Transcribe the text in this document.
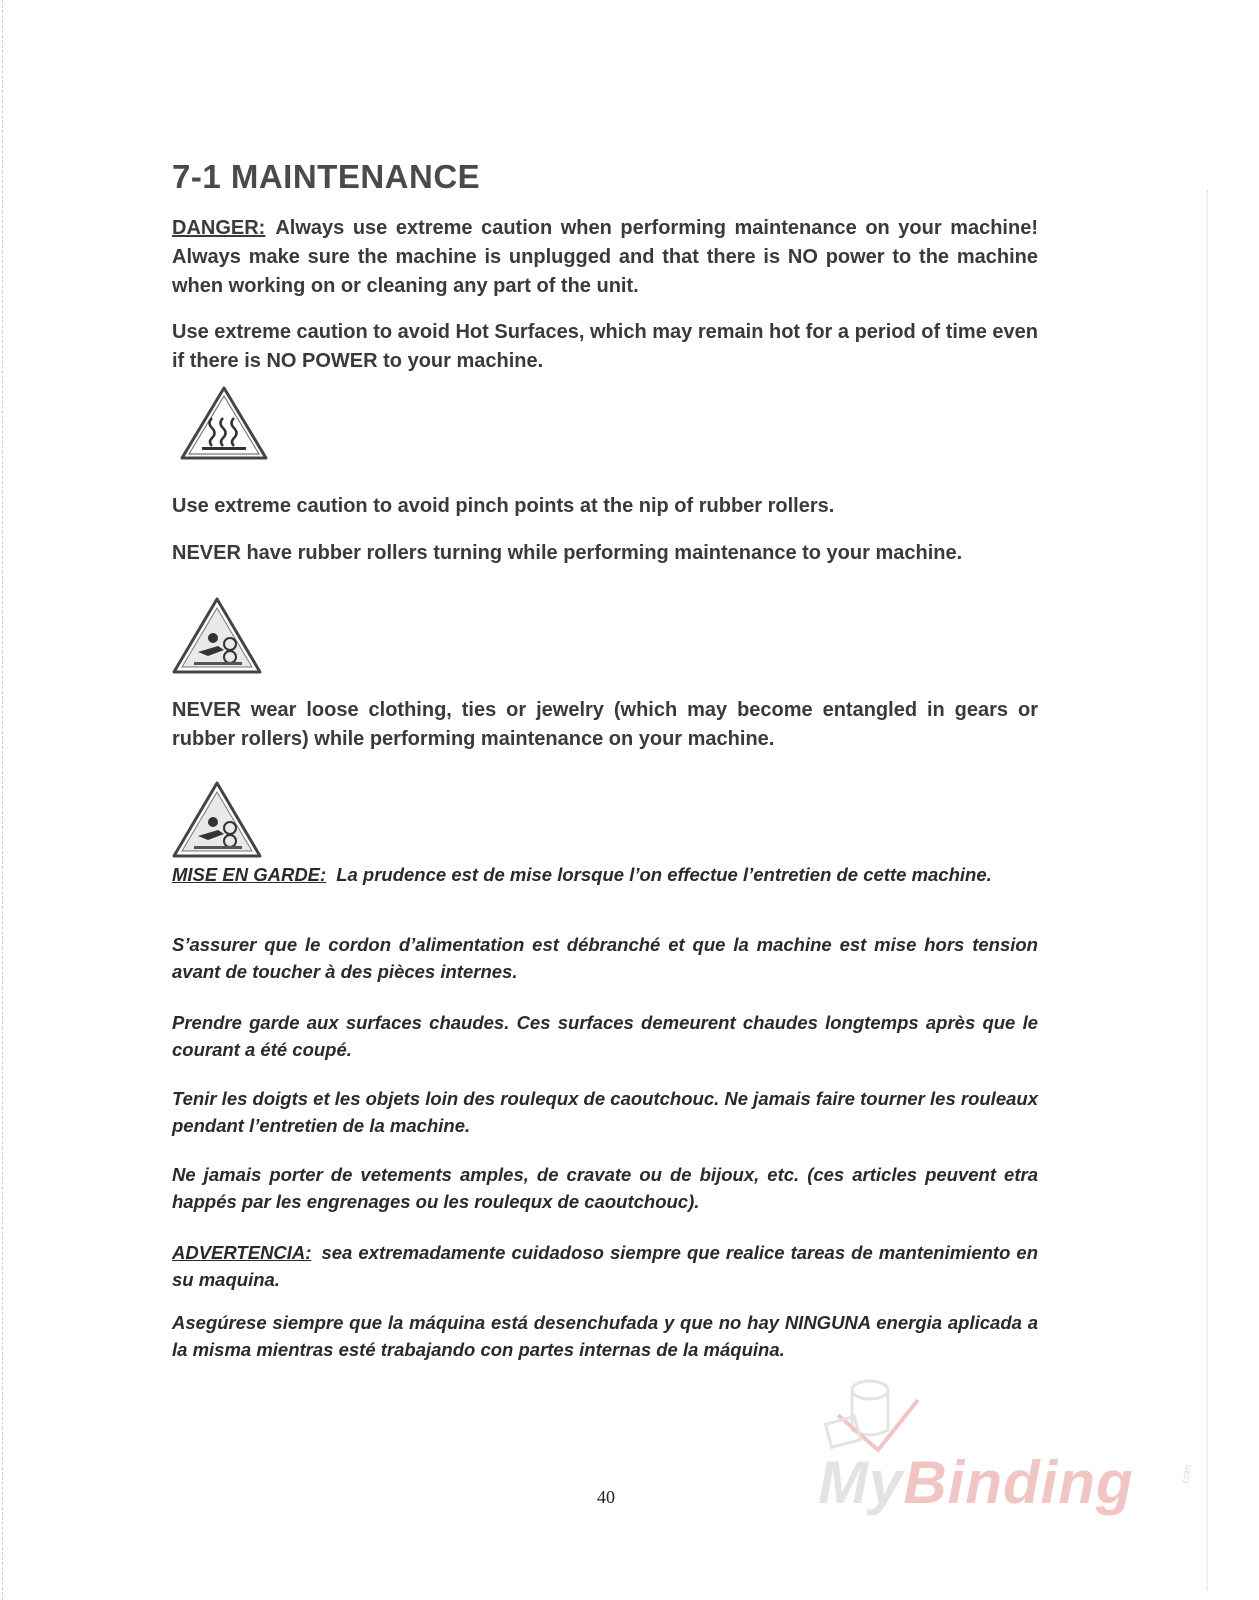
7-1 MAINTENANCE

DANGER: Always use extreme caution when performing maintenance on your machine! Always make sure the machine is unplugged and that there is NO power to the machine when working on or cleaning any part of the unit.

Use extreme caution to avoid Hot Surfaces, which may remain hot for a period of time even if there is NO POWER to your machine.

Use extreme caution to avoid pinch points at the nip of rubber rollers.

NEVER have rubber rollers turning while performing maintenance to your machine.

NEVER wear loose clothing, ties or jewelry (which may become entangled in gears or rubber rollers) while performing maintenance on your machine.

MISE EN GARDE: La prudence est de mise lorsque l’on effectue l’entretien de cette machine.

S’assurer que le cordon d’alimentation est débranché et que la machine est mise hors tension avant de toucher à des pièces internes.

Prendre garde aux surfaces chaudes. Ces surfaces demeurent chaudes longtemps après que le courant a été coupé.

Tenir les doigts et les objets loin des roulequx de caoutchouc. Ne jamais faire tourner les rouleaux pendant l’entretien de la machine.

Ne jamais porter de vetements amples, de cravate ou de bijoux, etc. (ces articles peuvent etra happés par les engrenages ou les roulequx de caoutchouc).

ADVERTENCIA: sea extremadamente cuidadoso siempre que realice tareas de mantenimiento en su maquina.

Asegúrese siempre que la máquina está desenchufada y que no hay NINGUNA energia aplicada a la misma mientras esté trabajando con partes internas de la máquina.

40	MyBinding	.com
